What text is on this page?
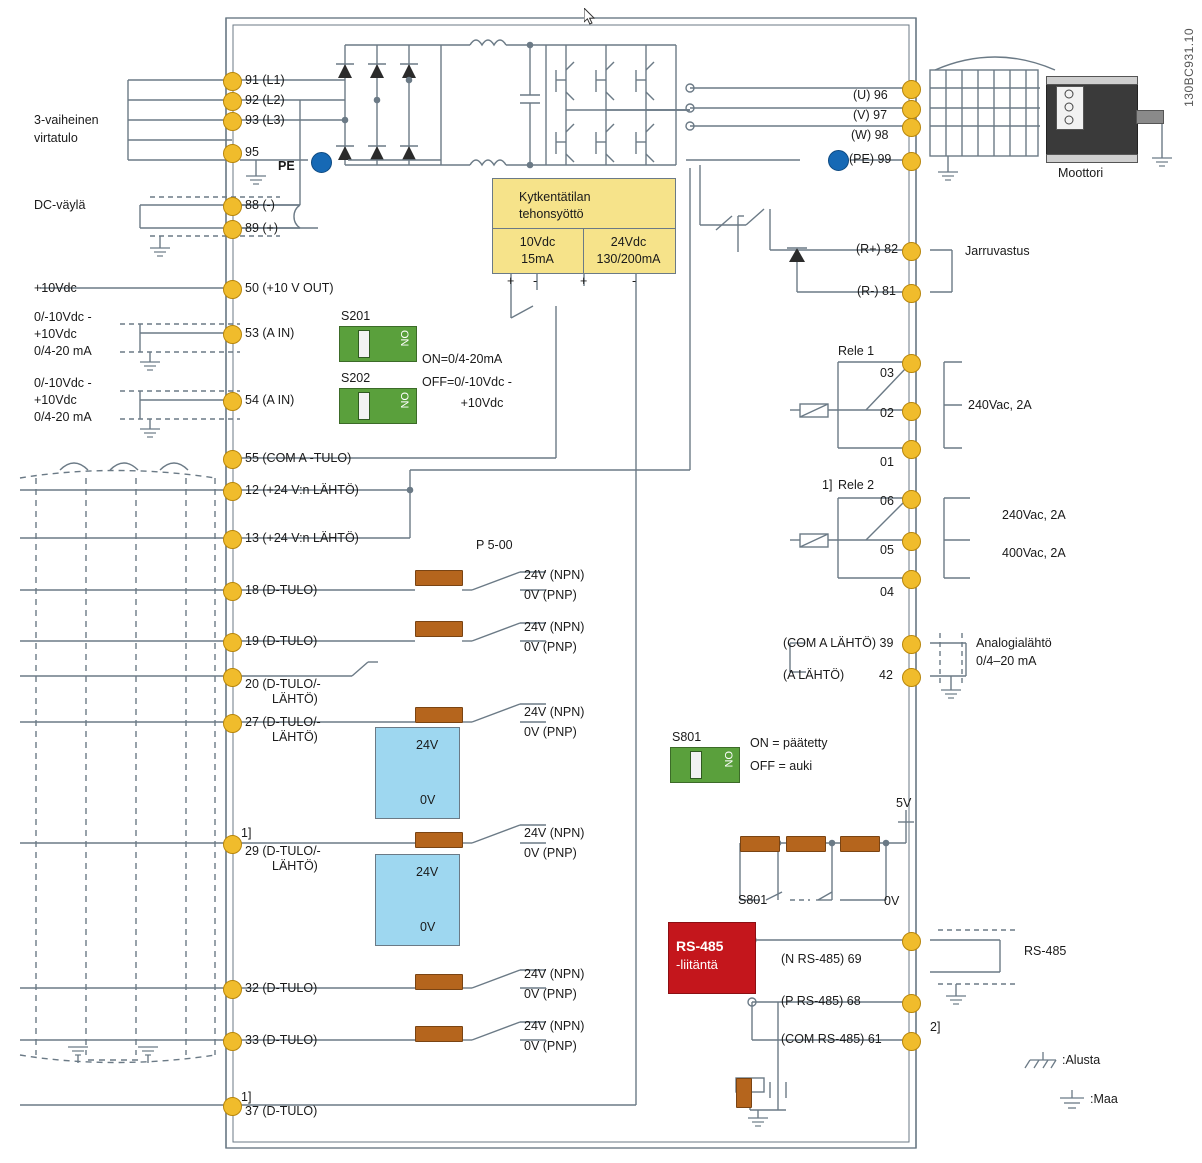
130BC931.10
91 (L1)
92 (L2)
93 (L3)
95
88 (-)
89 (+)
50 (+10 V OUT)
53 (A IN)
54 (A IN)
55 (COM A -TULO)
12 (+24 V:n LÄHTÖ)
13 (+24 V:n LÄHTÖ)
18 (D-TULO)
19 (D-TULO)
20 (D-TULO/-
LÄHTÖ)
27 (D-TULO/-
LÄHTÖ)
29 (D-TULO/-
LÄHTÖ)
32 (D-TULO)
33 (D-TULO)
37 (D-TULO)
1]
1]
3-vaiheinen
virtatulo
DC-väylä
+10Vdc
0/-10Vdc -
+10Vdc
0/4-20 mA
0/-10Vdc -
+10Vdc
0/4-20 mA
PE
Kytkentätilan
tehonsyöttö
10Vdc
15mA
24Vdc
130/200mA
+ -	+	-
S201
ON
S202
ON
ON=0/4-20mA
OFF=0/-10Vdc -
+10Vdc
P 5-00
24V (NPN)
0V (PNP)
24V (NPN)
0V (PNP)
24V (NPN)
0V (PNP)
24V (NPN)
0V (PNP)
24V (NPN)
0V (PNP)
24V (NPN)
0V (PNP)
24V
0V
24V
0V
(U) 96
(V) 97
(W) 98
(PE) 99
(R+) 82
(R-) 81
03
02
01
06
05
04
(COM A LÄHTÖ) 39
(A LÄHTÖ)	42
(N RS-485) 69
(P RS-485) 68
(COM RS-485) 61
2]
Moottori
Jarruvastus
Rele 1
1] Rele 2
240Vac, 2A
240Vac, 2A
400Vac, 2A
Analogialähtö
0/4–20 mA
RS-485
5V
0V
S801
:Alusta
:Maa
S801
ON
ON = päätetty
OFF = auki
RS-485
-liitäntä
